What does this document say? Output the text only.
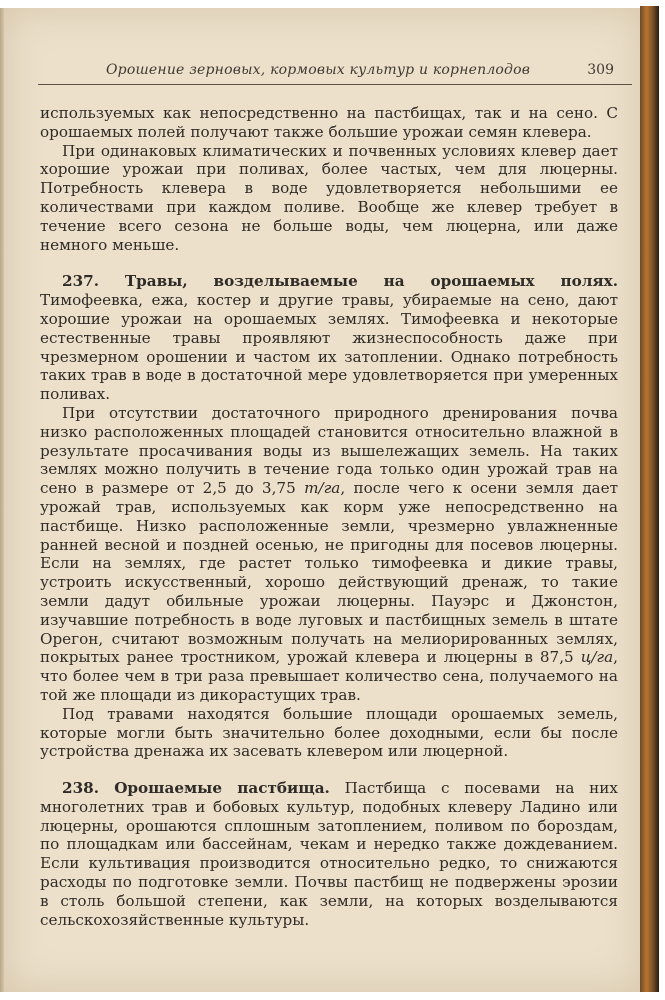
Орошение зерновых, кормовых культур и корнеплодов	309

используемых как непосредственно на пастбищах, так и на сено. С орошаемых полей получают также большие урожаи семян клевера.

При одинаковых климатических и почвенных условиях клевер дает хорошие урожаи при поливах, более частых, чем для люцерны. Потребность клевера в воде удовлетворяется небольшими ее количествами при каждом поливе. Вообще же клевер требует в течение всего сезона не больше воды, чем люцерна, или даже немного меньше.

237. Травы, возделываемые на орошаемых полях. Тимофеевка, ежа, костер и другие травы, убираемые на сено, дают хорошие урожаи на орошаемых землях. Тимофеевка и некоторые естественные травы проявляют жизнеспособность даже при чрезмерном орошении и частом их затоплении. Однако потребность таких трав в воде в достаточной мере удовлетворяется при умеренных поливах.

При отсутствии достаточного природного дренирования почва низко расположенных площадей становится относительно влажной в результате просачивания воды из вышележащих земель. На таких землях можно получить в течение года только один урожай трав на сено в размере от 2,5 до 3,75 т/га, после чего к осени земля дает урожай трав, используемых как корм уже непосредственно на пастбище. Низко расположенные земли, чрезмерно увлажненные ранней весной и поздней осенью, не пригодны для посевов люцерны. Если на землях, где растет только тимофеевка и дикие травы, устроить искусственный, хорошо действующий дренаж, то такие земли дадут обильные урожаи люцерны. Пауэрс и Джонстон, изучавшие потребность в воде луговых и пастбищных земель в штате Орегон, считают возможным получать на мелиорированных землях, покрытых ранее тростником, урожай клевера и люцерны в 87,5 ц/га, что более чем в три раза превышает количество сена, получаемого на той же площади из дикорастущих трав.

Под травами находятся большие площади орошаемых земель, которые могли быть значительно более доходными, если бы после устройства дренажа их засевать клевером или люцерной.

238. Орошаемые пастбища. Пастбища с посевами на них многолетних трав и бобовых культур, подобных клеверу Ладино или люцерны, орошаются сплошным затоплением, поливом по бороздам, по площадкам или бассейнам, чекам и нередко также дождеванием. Если культивация производится относительно редко, то снижаются расходы по подготовке земли. Почвы пастбищ не подвержены эрозии в столь большой степени, как земли, на которых возделываются сельскохозяйственные культуры.
